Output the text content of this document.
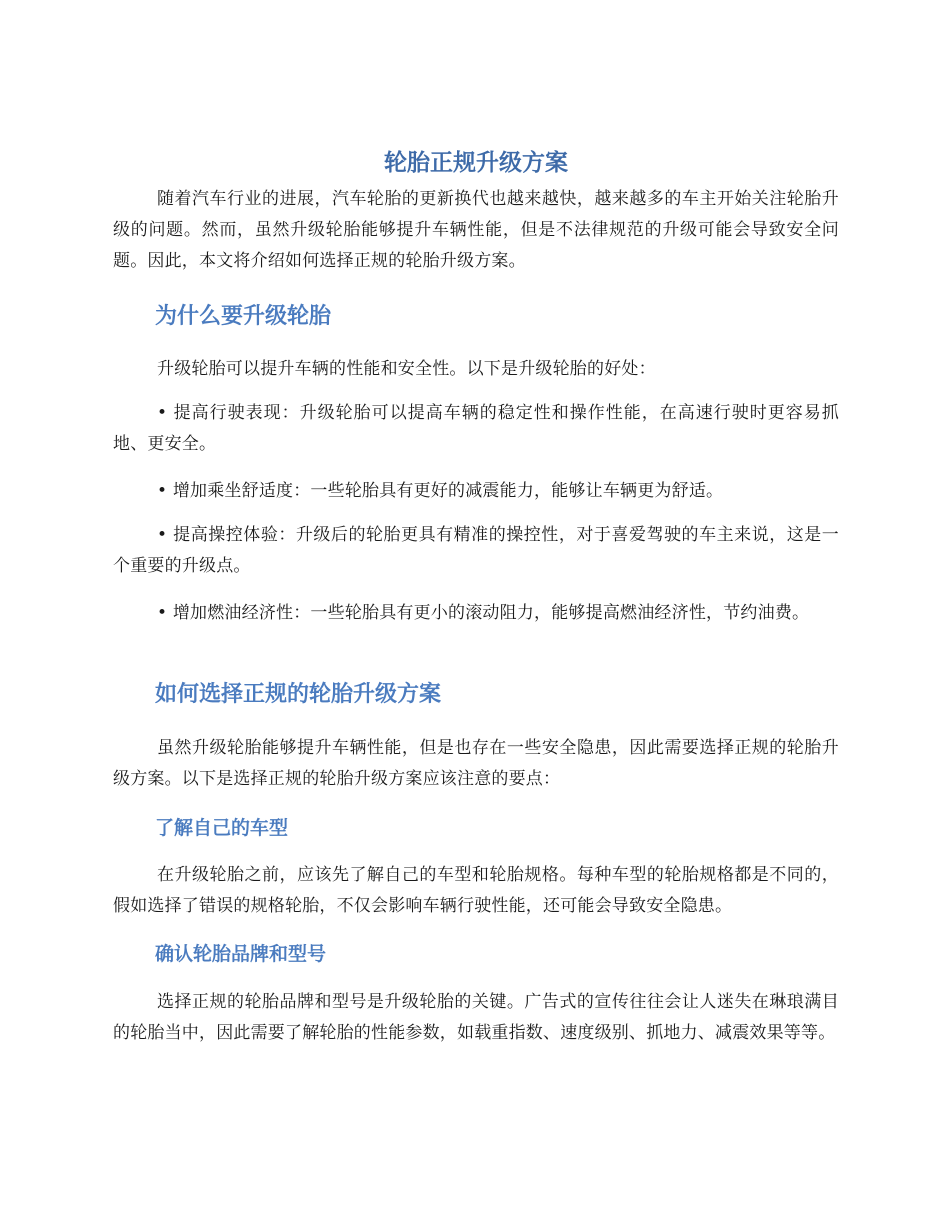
轮胎正规升级方案

随着汽车行业的进展，汽车轮胎的更新换代也越来越快，越来越多的车主开始关注轮胎升级的问题。然而，虽然升级轮胎能够提升车辆性能，但是不法律规范的升级可能会导致安全问题。因此，本文将介绍如何选择正规的轮胎升级方案。

为什么要升级轮胎

升级轮胎可以提升车辆的性能和安全性。以下是升级轮胎的好处：

• 提高行驶表现：升级轮胎可以提高车辆的稳定性和操作性能，在高速行驶时更容易抓地、更安全。

• 增加乘坐舒适度：一些轮胎具有更好的减震能力，能够让车辆更为舒适。

• 提高操控体验：升级后的轮胎更具有精准的操控性，对于喜爱驾驶的车主来说，这是一个重要的升级点。

• 增加燃油经济性：一些轮胎具有更小的滚动阻力，能够提高燃油经济性，节约油费。

如何选择正规的轮胎升级方案

虽然升级轮胎能够提升车辆性能，但是也存在一些安全隐患，因此需要选择正规的轮胎升级方案。以下是选择正规的轮胎升级方案应该注意的要点：

了解自己的车型

在升级轮胎之前，应该先了解自己的车型和轮胎规格。每种车型的轮胎规格都是不同的，假如选择了错误的规格轮胎，不仅会影响车辆行驶性能，还可能会导致安全隐患。

确认轮胎品牌和型号

选择正规的轮胎品牌和型号是升级轮胎的关键。广告式的宣传往往会让人迷失在琳琅满目的轮胎当中，因此需要了解轮胎的性能参数，如载重指数、速度级别、抓地力、减震效果等等。
